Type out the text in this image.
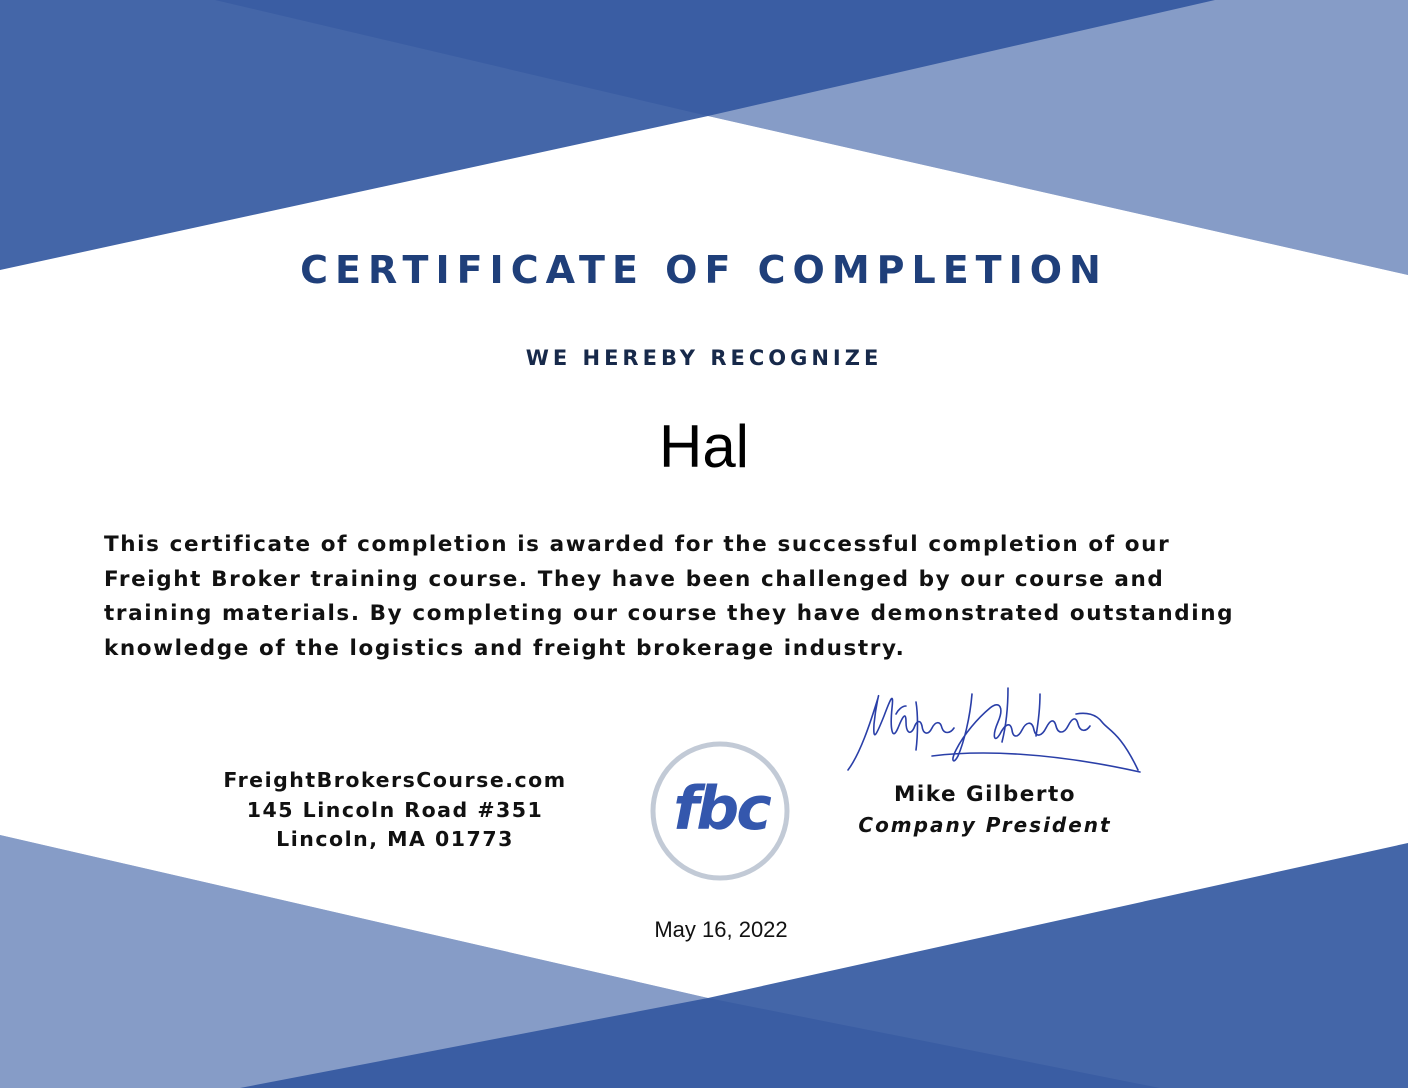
CERTIFICATE OF COMPLETION
WE HEREBY RECOGNIZE
Hal
This certificate of completion is awarded for the successful completion of our
Freight Broker training course. They have been challenged by our course and
training materials. By completing our course they have demonstrated outstanding
knowledge of the logistics and freight brokerage industry.
FreightBrokersCourse.com
145 Lincoln Road #351
Lincoln, MA 01773	fbc	Mike Gilberto
Company President
May 16, 2022
